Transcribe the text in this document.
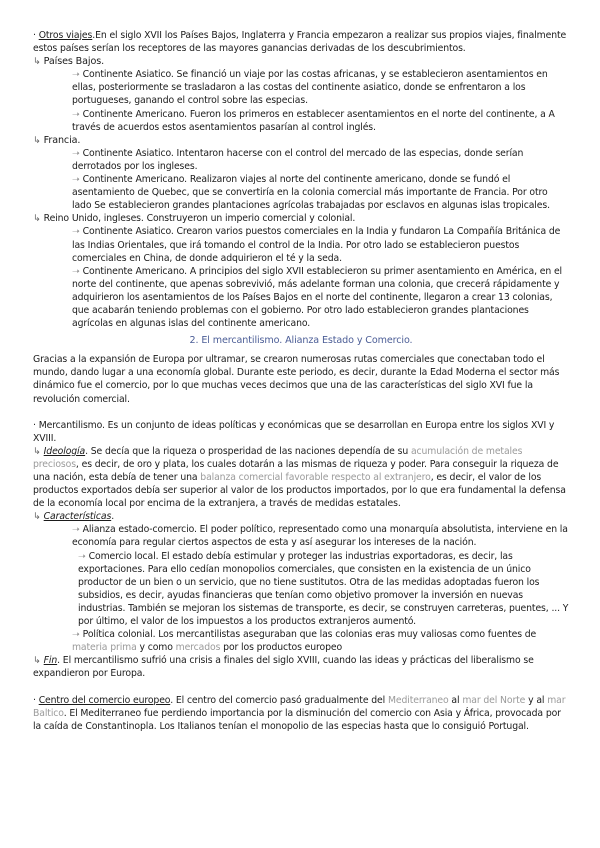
· Otros viajes.En el siglo XVII los Países Bajos, Inglaterra y Francia empezaron a realizar sus propios viajes, finalmente estos países serían los receptores de las mayores ganancias derivadas de los descubrimientos.

↳ Países Bajos.

➝ Continente Asiatico. Se financió un viaje por las costas africanas, y se establecieron asentamientos en ellas, posteriormente se trasladaron a las costas del continente asiatico, donde se enfrentaron a los portugueses, ganando el control sobre las especias.

➝ Continente Americano. Fueron los primeros en establecer asentamientos en el norte del continente, a A través de acuerdos estos asentamientos pasarían al control inglés.

↳ Francia.

➝ Continente Asiatico. Intentaron hacerse con el control del mercado de las especias, donde serían derrotados por los ingleses.

➝ Continente Americano. Realizaron viajes al norte del continente americano, donde se fundó el asentamiento de Quebec, que se convertiría en la colonia comercial más importante de Francia. Por otro lado Se establecieron grandes plantaciones agrícolas trabajadas por esclavos en algunas islas tropicales.

↳ Reino Unido, ingleses. Construyeron un imperio comercial y colonial.

➝ Continente Asiatico. Crearon varios puestos comerciales en la India y fundaron La Compañía Británica de las Indias Orientales, que irá tomando el control de la India. Por otro lado se establecieron puestos comerciales en China, de donde adquirieron el té y la seda.

➝ Continente Americano. A principios del siglo XVII establecieron su primer asentamiento en América, en el norte del continente, que apenas sobrevivió, más adelante forman una colonia, que crecerá rápidamente y adquirieron los asentamientos de los Países Bajos en el norte del continente, llegaron a crear 13 colonias, que acabarán teniendo problemas con el gobierno. Por otro lado establecieron grandes plantaciones agrícolas en algunas islas del continente americano.

2. El mercantilismo. Alianza Estado y Comercio.

Gracias a la expansión de Europa por ultramar, se crearon numerosas rutas comerciales que conectaban todo el mundo, dando lugar a una economía global. Durante este periodo, es decir, durante la Edad Moderna el sector más dinámico fue el comercio, por lo que muchas veces decimos que una de las características del siglo XVI fue la revolución comercial.

· Mercantilismo. Es un conjunto de ideas políticas y económicas que se desarrollan en Europa entre los siglos XVI y XVIII.

↳ Ideología. Se decía que la riqueza o prosperidad de las naciones dependía de su acumulación de metales preciosos, es decir, de oro y plata, los cuales dotarán a las mismas de riqueza y poder. Para conseguir la riqueza de una nación, esta debía de tener una balanza comercial favorable respecto al extranjero, es decir, el valor de los productos exportados debía ser superior al valor de los productos importados, por lo que era fundamental la defensa de la economía local por encima de la extranjera, a través de medidas estatales.

↳ Características.

➝ Alianza estado-comercio. El poder político, representado como una monarquía absolutista, interviene en la economía para regular ciertos aspectos de esta y así asegurar los intereses de la nación.

➝ Comercio local. El estado debía estimular y proteger las industrias exportadoras, es decir, las exportaciones. Para ello cedían monopolios comerciales, que consisten en la existencia de un único productor de un bien o un servicio, que no tiene sustitutos. Otra de las medidas adoptadas fueron los subsidios, es decir, ayudas financieras que tenían como objetivo promover la inversión en nuevas industrias. También se mejoran los sistemas de transporte, es decir, se construyen carreteras, puentes, ... Y por último, el valor de los impuestos a los productos extranjeros aumentó.

➝ Política colonial. Los mercantilistas aseguraban que las colonias eras muy valiosas como fuentes de materia prima y como mercados por los productos europeo

↳ Fin. El mercantilismo sufrió una crisis a finales del siglo XVIII, cuando las ideas y prácticas del liberalismo se expandieron por Europa.

· Centro del comercio europeo. El centro del comercio pasó gradualmente del Mediterraneo al mar del Norte y al mar Baltico. El Mediterraneo fue perdiendo importancia por la disminución del comercio con Asia y África, provocada por la caída de Constantinopla. Los Italianos tenían el monopolio de las especias hasta que lo consiguió Portugal.
